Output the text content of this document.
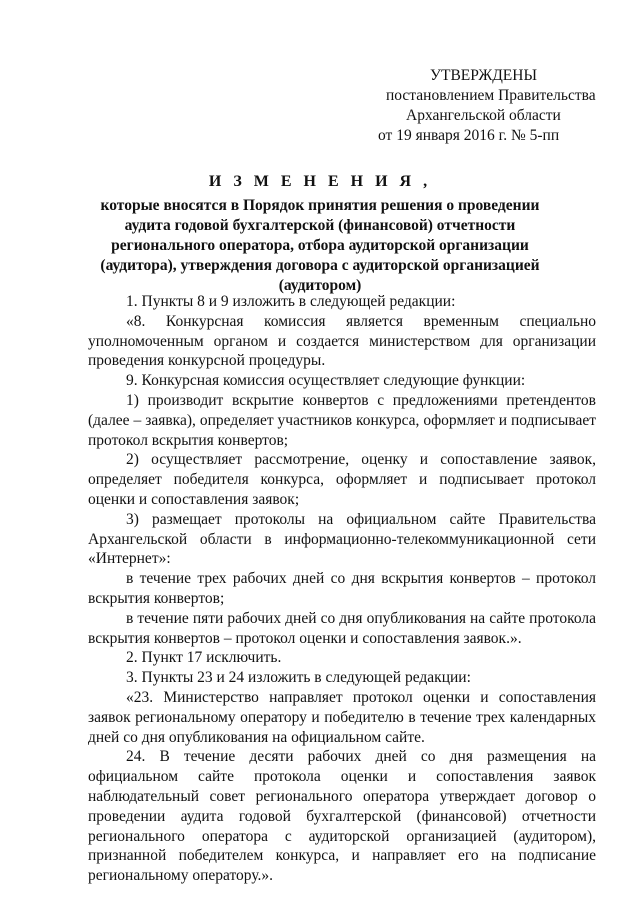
УТВЕРЖДЕНЫ
постановлением Правительства
Архангельской области
от 19 января 2016 г. № 5-пп
И З М Е Н Е Н И Я ,
которые вносятся в Порядок принятия решения о проведении аудита годовой бухгалтерской (финансовой) отчетности регионального оператора, отбора аудиторской организации (аудитора), утверждения договора с аудиторской организацией (аудитором)

1. Пункты 8 и 9 изложить в следующей редакции:

«8. Конкурсная комиссия является временным специально уполномоченным органом и создается министерством для организации проведения конкурсной процедуры.

9. Конкурсная комиссия осуществляет следующие функции:

1) производит вскрытие конвертов с предложениями претендентов (далее – заявка), определяет участников конкурса, оформляет и подписывает протокол вскрытия конвертов;

2) осуществляет рассмотрение, оценку и сопоставление заявок, определяет победителя конкурса, оформляет и подписывает протокол оценки и сопоставления заявок;

3) размещает протоколы на официальном сайте Правительства Архангельской области в информационно-телекоммуникационной сети «Интернет»:

в течение трех рабочих дней со дня вскрытия конвертов – протокол вскрытия конвертов;

в течение пяти рабочих дней со дня опубликования на сайте протокола вскрытия конвертов – протокол оценки и сопоставления заявок.».

2. Пункт 17 исключить.

3. Пункты 23 и 24 изложить в следующей редакции:

«23. Министерство направляет протокол оценки и сопоставления заявок региональному оператору и победителю в течение трех календарных дней со дня опубликования на официальном сайте.

24. В течение десяти рабочих дней со дня размещения на официальном сайте протокола оценки и сопоставления заявок наблюдательный совет регионального оператора утверждает договор о проведении аудита годовой бухгалтерской (финансовой) отчетности регионального оператора с аудиторской организацией (аудитором), признанной победителем конкурса, и направляет его на подписание региональному оператору.».
